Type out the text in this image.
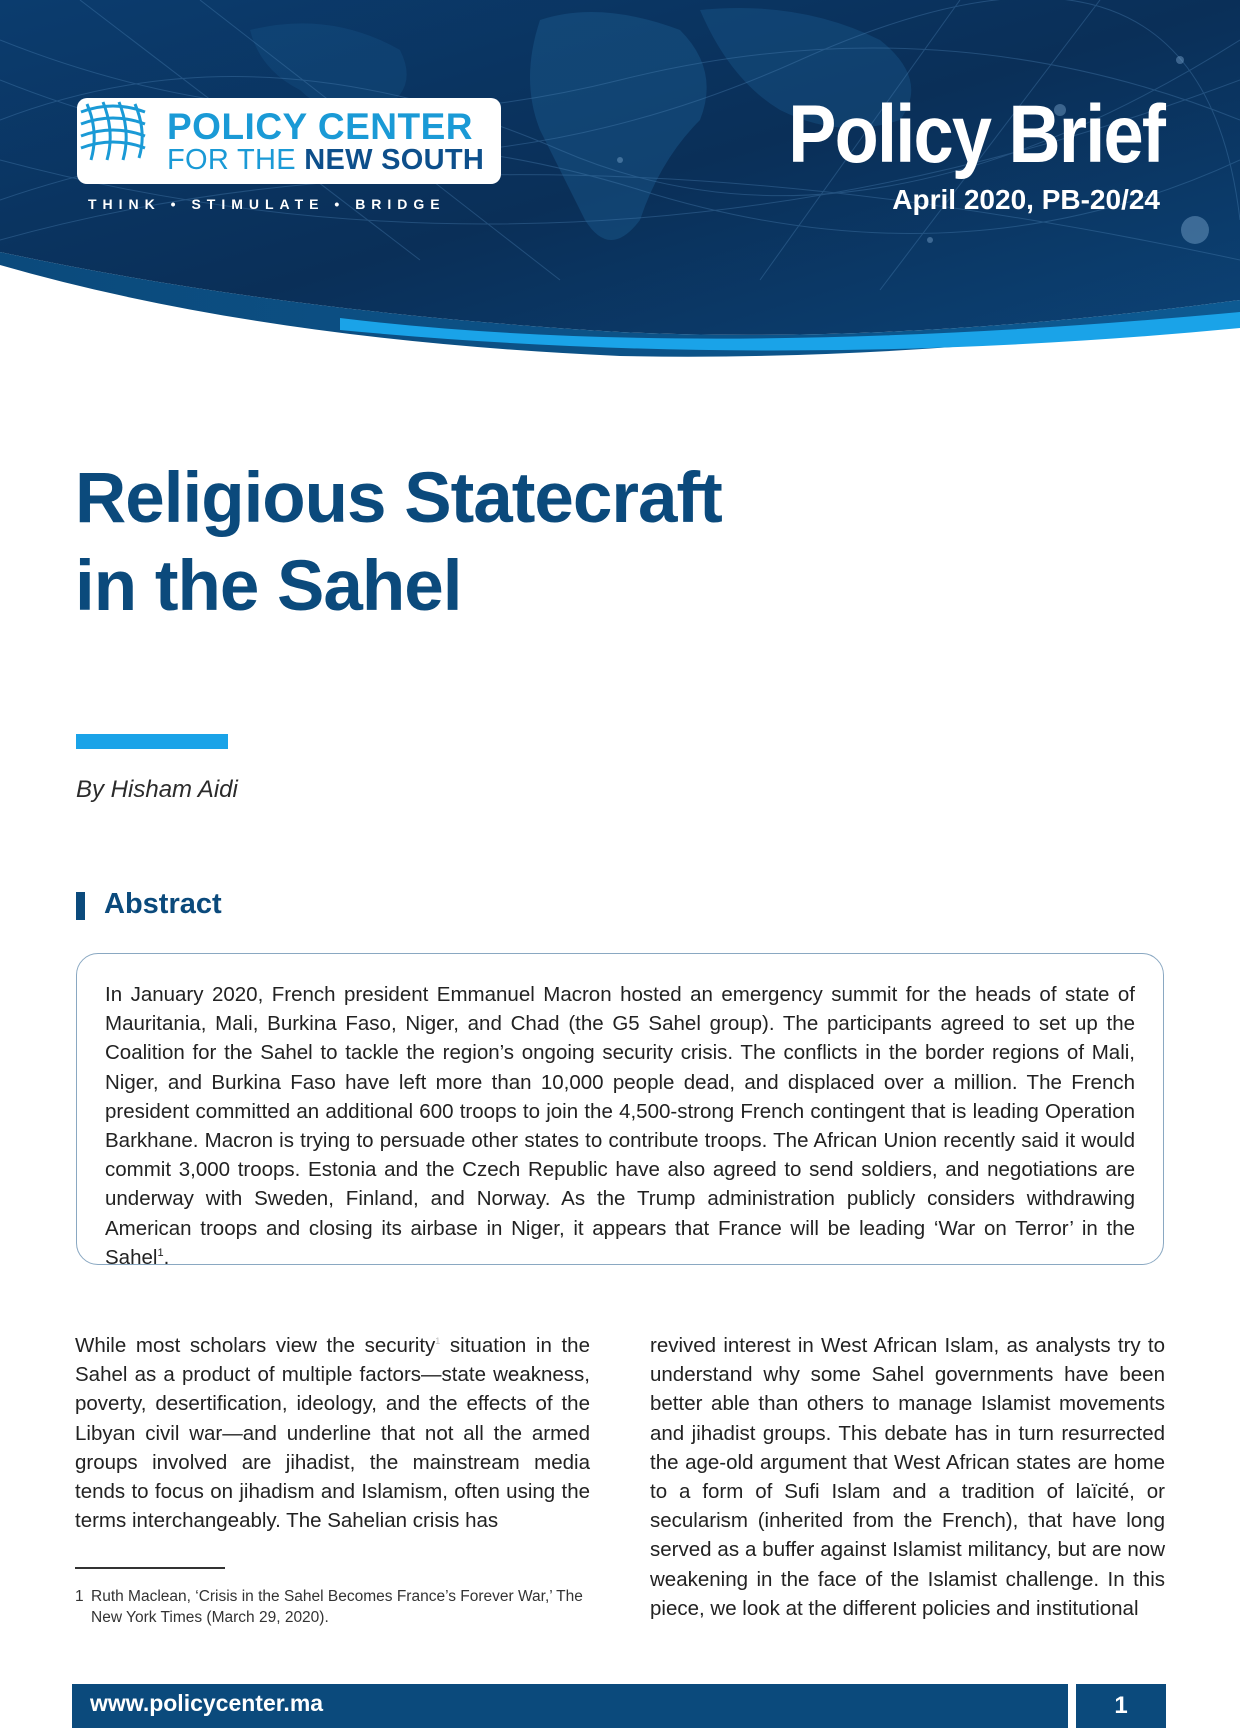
POLICY CENTER
FOR THE NEW SOUTH
THINK • STIMULATE • BRIDGE
Policy Brief
April 2020, PB-20/24
Religious Statecraft
in the Sahel
By Hisham Aidi
Abstract
In January 2020, French president Emmanuel Macron hosted an emergency summit for the heads of state of Mauritania, Mali, Burkina Faso, Niger, and Chad (the G5 Sahel group). The participants agreed to set up the Coalition for the Sahel to tackle the region’s ongoing security crisis. The conflicts in the border regions of Mali, Niger, and Burkina Faso have left more than 10,000 people dead, and displaced over a million. The French president committed an additional 600 troops to join the 4,500-strong French contingent that is leading Operation Barkhane. Macron is trying to persuade other states to contribute troops. The African Union recently said it would commit 3,000 troops. Estonia and the Czech Republic have also agreed to send soldiers, and negotiations are underway with Sweden, Finland, and Norway. As the Trump administration publicly considers withdrawing American troops and closing its airbase in Niger, it appears that France will be leading ‘War on Terror’ in the Sahel$^1$.
While most scholars view the security$^1$ situation in the Sahel as a product of multiple factors—state weakness, poverty, desertification, ideology, and the effects of the Libyan civil war—and underline that not all the armed groups involved are jihadist, the mainstream media tends to focus on jihadism and Islamism, often using the terms interchangeably. The Sahelian crisis has
revived interest in West African Islam, as analysts try to understand why some Sahel governments have been better able than others to manage Islamist movements and jihadist groups. This debate has in turn resurrected the age-old argument that West African states are home to a form of Sufi Islam and a tradition of laïcité, or secularism (inherited from the French), that have long served as a buffer against Islamist militancy, but are now weakening in the face of the Islamist challenge. In this piece, we look at the different policies and institutional
1 Ruth Maclean, ‘Crisis in the Sahel Becomes France’s Forever War,’ The New York Times (March 29, 2020).
www.policycenter.ma	1
